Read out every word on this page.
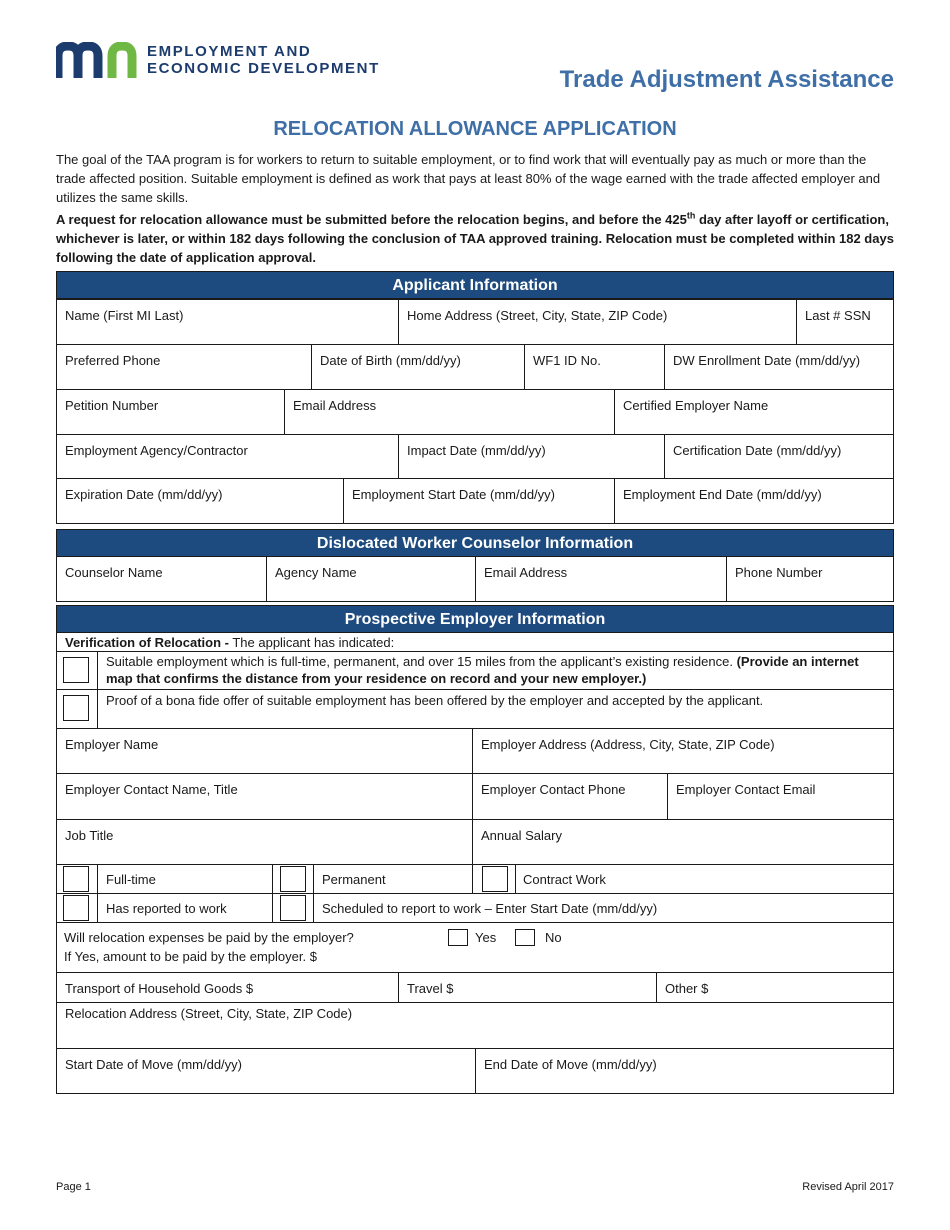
EMPLOYMENT AND
ECONOMIC DEVELOPMENT	Trade Adjustment Assistance
RELOCATION ALLOWANCE APPLICATION
The goal of the TAA program is for workers to return to suitable employment, or to find work that will eventually pay as much or more than the trade affected position. Suitable employment is defined as work that pays at least 80% of the wage earned with the trade affected employer and utilizes the same skills.
A request for relocation allowance must be submitted before the relocation begins, and before the 425th day after layoff or certification, whichever is later, or within 182 days following the conclusion of TAA approved training. Relocation must be completed within 182 days following the date of application approval.
Applicant Information
Name (First MI Last)	Home Address (Street, City, State, ZIP Code)	Last # SSN
Preferred Phone	Date of Birth (mm/dd/yy)	WF1 ID No.	DW Enrollment Date (mm/dd/yy)
Petition Number	Email Address	Certified Employer Name
Employment Agency/Contractor	Impact Date (mm/dd/yy)	Certification Date (mm/dd/yy)
Expiration Date (mm/dd/yy)	Employment Start Date (mm/dd/yy)	Employment End Date (mm/dd/yy)
Dislocated Worker Counselor Information
Counselor Name	Agency Name	Email Address	Phone Number
Prospective Employer Information
Verification of Relocation - The applicant has indicated:
Suitable employment which is full-time, permanent, and over 15 miles from the applicant’s existing residence. (Provide an internet map that confirms the distance from your residence on record and your new employer.)
Proof of a bona fide offer of suitable employment has been offered by the employer and accepted by the applicant.
Employer Name	Employer Address (Address, City, State, ZIP Code)
Employer Contact Name, Title	Employer Contact Phone	Employer Contact Email
Job Title	Annual Salary
Full-time	Permanent	Contract Work
Has reported to work	Scheduled to report to work – Enter Start Date (mm/dd/yy)
Will relocation expenses be paid by the employer?	Yes	No
If Yes, amount to be paid by the employer. $
Transport of Household Goods $	Travel $	Other $
Relocation Address (Street, City, State, ZIP Code)
Start Date of Move (mm/dd/yy)	End Date of Move (mm/dd/yy)
Page 1	Revised April 2017
